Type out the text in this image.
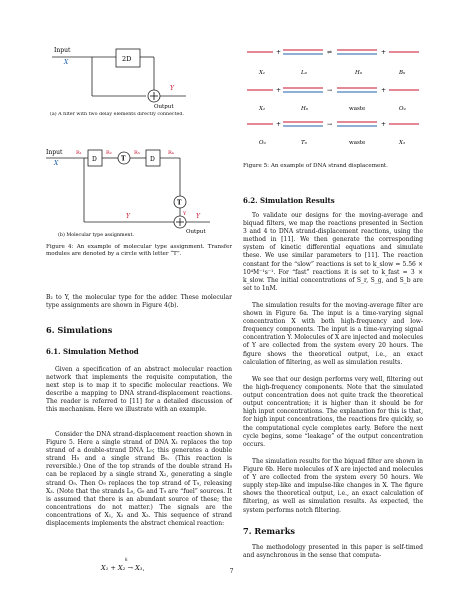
Input
X	2D
Y
Output
(a) A filter with two delay elements directly connected.
Input
X
R₁
D
R₂
T
R₃
D
R₄
T
Y
Y	Y
Output
(b) Molecular type assignment.

Figure 4: An example of molecular type assignment. Transfer modules are denoted by a circle with letter “T”.

B₂ to Y, the molecular type for the adder. These molecular type assignments are shown in Figure 4(b).

6. Simulations
6.1. Simulation Method

Given a specification of an abstract molecular reaction network that implements the requisite computation, the next step is to map it to specific molecular reactions. We describe a mapping to DNA strand-displacement reactions. The reader is referred to [11] for a detailed discussion of this mechanism. Here we illustrate with an example.

Consider the DNA strand-displacement reaction shown in Figure 5. Here a single strand of DNA X₁ replaces the top strand of a double-strand DNA L₉; this generates a double strand H₉ and a single strand B₉. (This reaction is reversible.) One of the top strands of the double strand H₉ can be replaced by a single strand X₂, generating a single strand O₉. Then O₉ replaces the top strand of T₉, releasing X₃. (Note that the strands L₉, G₉ and T₉ are “fuel” sources. It is assumed that there is an abundant source of these; the concentrations do not matter.) The signals are the concentrations of X₁, X₂ and X₃. This sequence of strand displacements implements the abstract chemical reaction:

X₁ + X₂ → X₃,
k
+	⇌	+
X₁	L₉	H₉	B₉
+	→	+
X₂	H₉	waste	O₉
+	→	+
O₉	T₉	waste	X₃

Figure 5: An example of DNA strand displacement.

6.2. Simulation Results

To validate our designs for the moving-average and biquad filters, we map the reactions presented in Section 3 and 4 to DNA strand-displacement reactions, using the method in [11]. We then generate the corresponding system of kinetic differential equations and simulate these. We use similar parameters to [11]. The reaction constant for the “slow” reactions is set to k_slow = 5.56 × 10⁴M⁻¹s⁻¹. For “fast” reactions it is set to k_fast = 3 × k_slow. The initial concentrations of S_r, S_g, and S_b are set to 1nM.

The simulation results for the moving-average filter are shown in Figure 6a. The input is a time-varying signal concentration X with both high-frequency and low-frequency components. The input is a time-varying signal concentration Y. Molecules of X are injected and molecules of Y are collected from the system every 20 hours. The figure shows the theoretical output, i.e., an exact calculation of filtering, as well as simulation results.

We see that our design performs very well, filtering out the high-frequency components. Note that the simulated output concentration does not quite track the theoretical output concentration; it is higher than it should be for high input concentrations. The explanation for this is that, for high input concentrations, the reactions fire quickly, so the computational cycle completes early. Before the next cycle begins, some “leakage” of the output concentration occurs.

The simulation results for the biquad filter are shown in Figure 6b. Here molecules of X are injected and molecules of Y are collected from the system every 50 hours. We supply step-like and impulse-like changes in X. The figure shows the theoretical output, i.e., an exact calculation of filtering, as well as simulation results. As expected, the system performs notch filtering.

7. Remarks

The methodology presented in this paper is self-timed and asynchronous in the sense that computa-

7
